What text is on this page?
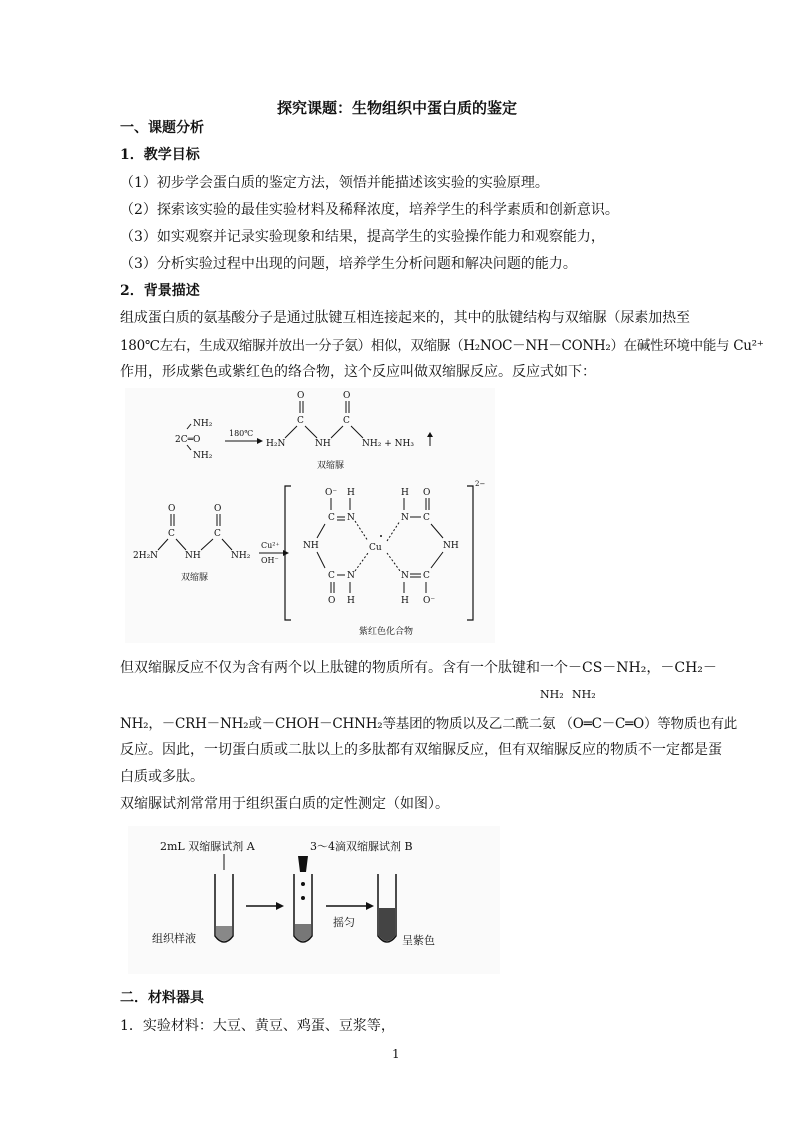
探究课题：生物组织中蛋白质的鉴定
一、课题分析
1．教学目标
（1）初步学会蛋白质的鉴定方法，领悟并能描述该实验的实验原理。
（2）探索该实验的最佳实验材料及稀释浓度，培养学生的科学素质和创新意识。
（3）如实观察并记录实验现象和结果，提高学生的实验操作能力和观察能力，
（3）分析实验过程中出现的问题，培养学生分析问题和解决问题的能力。
2．背景描述
组成蛋白质的氨基酸分子是通过肽键互相连接起来的，其中的肽键结构与双缩脲（尿素加热至
180℃左右，生成双缩脲并放出一分子氨）相似，双缩脲（H₂NOC－NH－CONH₂）在碱性环境中能与 Cu²⁺
作用，形成紫色或紫红色的络合物，这个反应叫做双缩脲反应。反应式如下：
NH₂
2C═O
NH₂
180℃
O	O
C	C
H₂N	NH	NH₂ + NH₃
双缩脲
O	O
C	C
2H₂N	NH	NH₂
双缩脲
Cu²⁺
OH⁻
2−
O⁻ H
C N
NH
C N
O H
Cu
H
N C
O
NH
N C
H O⁻
紫红色化合物
但双缩脲反应不仅为含有两个以上肽键的物质所有。含有一个肽键和一个－CS－NH₂，－CH₂－
NH₂ NH₂
NH₂，－CRH－NH₂或－CHOH－CHNH₂等基团的物质以及乙二酰二氨 （O═C－C═O）等物质也有此
反应。因此，一切蛋白质或二肽以上的多肽都有双缩脲反应，但有双缩脲反应的物质不一定都是蛋
白质或多肽。
双缩脲试剂常常用于组织蛋白质的定性测定（如图）。
2mL 双缩脲试剂 A	3～4滴双缩脲试剂 B
摇匀
组织样液	呈紫色
二．材料器具
1．实验材料：大豆、黄豆、鸡蛋、豆浆等，
1
